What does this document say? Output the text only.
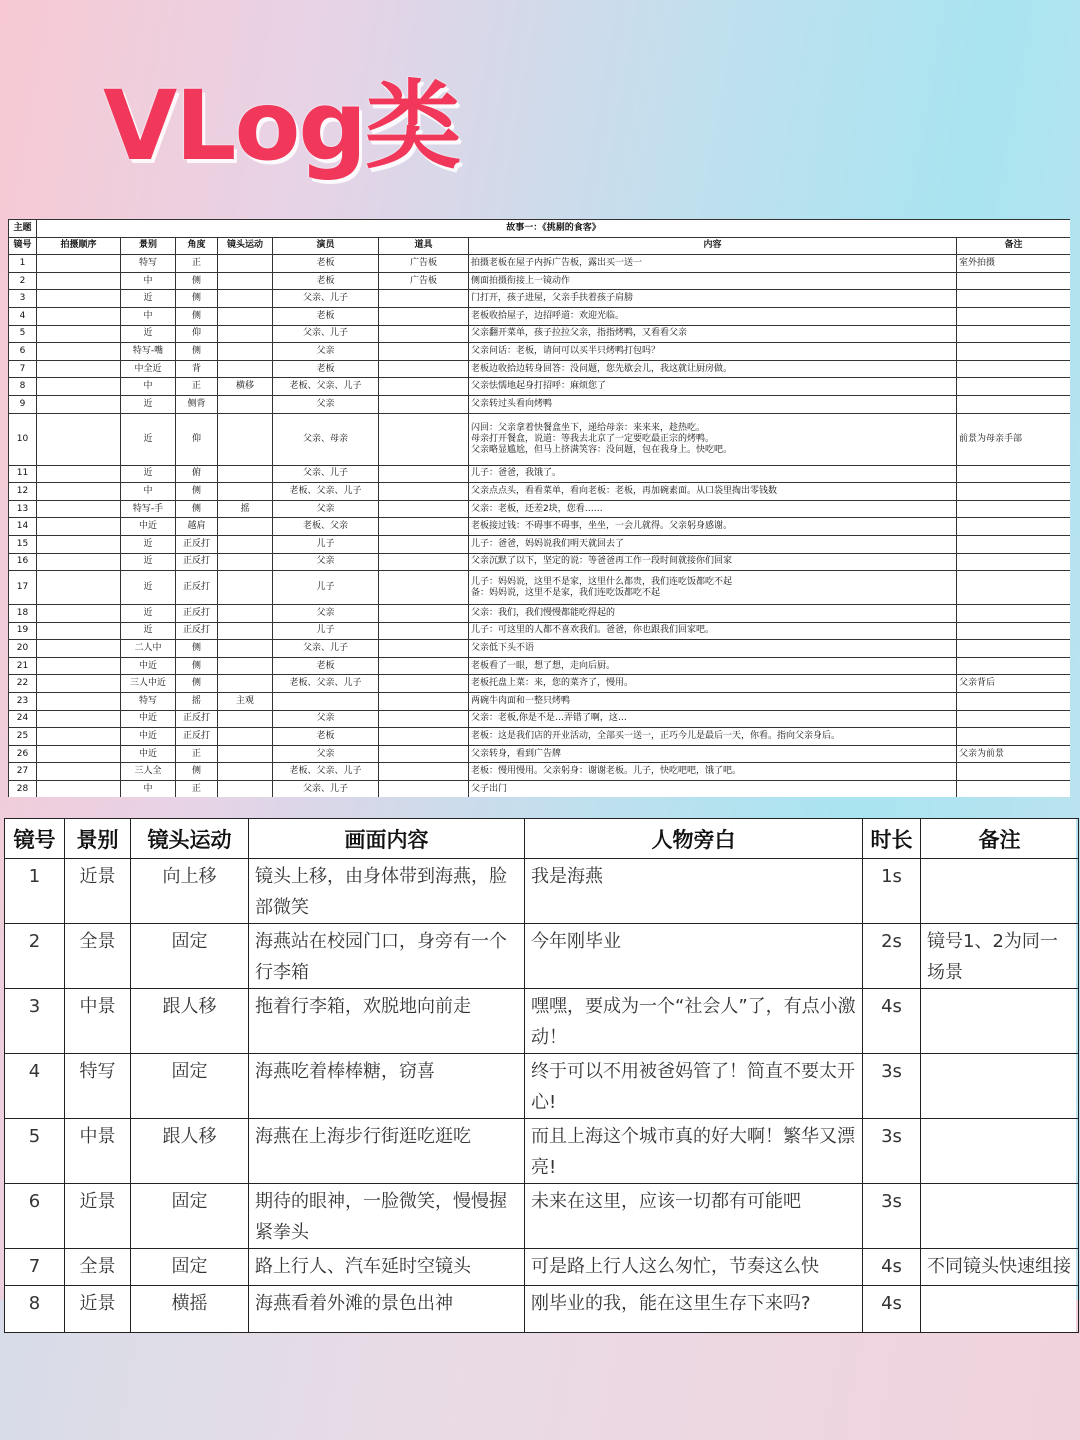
VLog类
主题	故事一：《挑剔的食客》							
镜号	拍摄顺序	景别	角度	镜头运动	演员	道具	内容	备注
1		特写	正		老板	广告板	拍摄老板在屋子内拆广告板，露出买一送一	室外拍摄
2		中	侧		老板	广告板	侧面拍摄衔接上一镜动作	

3		近	侧		父亲、儿子		门打开，孩子进屋，父亲手扶着孩子肩膀	

4		中	侧		老板		老板收拾屋子，边招呼道：欢迎光临。	

5		近	仰		父亲、儿子		父亲翻开菜单，孩子拉拉父亲，指指烤鸭，又看看父亲	

6		特写-嘴	侧		父亲		父亲问话：老板，请问可以买半只烤鸭打包吗？	

7		中全近	背		老板		老板边收拾边转身回答：没问题，您先歇会儿，我这就让厨房做。	

8		中	正	横移	老板、父亲、儿子		父亲怯懦地起身打招呼：麻烦您了	

9		近	侧背		父亲		父亲转过头看向烤鸭	

10		近	仰		父亲、母亲		闪回：父亲拿着快餐盒坐下，递给母亲：来来来，趁热吃。
母亲打开餐盒，说道：等我去北京了一定要吃最正宗的烤鸭。
父亲略显尴尬，但马上挤满笑容：没问题，包在我身上。快吃吧。	前景为母亲手部
11		近	俯		父亲、儿子		儿子：爸爸，我饿了。	

12		中	侧		老板、父亲、儿子		父亲点点头，看看菜单，看向老板：老板，再加碗素面。从口袋里掏出零钱数	

13		特写-手	侧	摇	父亲		父亲：老板，还差2块，您看……	

14		中近	越肩		老板、父亲		老板接过钱：不碍事不碍事，坐坐，一会儿就得。父亲躬身感谢。	

15		近	正反打		儿子		儿子：爸爸，妈妈说我们明天就回去了	

16		近	正反打		父亲		父亲沉默了以下，坚定的说：等爸爸再工作一段时间就接你们回家	

17		近	正反打		儿子		儿子：妈妈说，这里不是家，这里什么都贵，我们连吃饭都吃不起
备：妈妈说，这里不是家，我们连吃饭都吃不起	

18		近	正反打		父亲		父亲：我们，我们慢慢都能吃得起的	

19		近	正反打		儿子		儿子：可这里的人都不喜欢我们。爸爸，你也跟我们回家吧。	

20		二人中	侧		父亲、儿子		父亲低下头不语	

21		中近	侧		老板		老板看了一眼，想了想，走向后厨。	

22		三人中近	侧		老板、父亲、儿子		老板托盘上菜：来，您的菜齐了，慢用。	父亲背后
23		特写	摇	主观			两碗牛肉面和一整只烤鸭	

24		中近	正反打		父亲		父亲：老板,你是不是…弄错了啊，这…	

25		中近	正反打		老板		老板：这是我们店的开业活动，全部买一送一，正巧今儿是最后一天，你看。指向父亲身后。	

26		中近	正		父亲		父亲转身，看到广告牌	父亲为前景
27		三人全	侧		老板、父亲、儿子		老板：慢用慢用。父亲躬身：谢谢老板。儿子，快吃吧吧，饿了吧。	

28		中	正		父亲、儿子		父子出门	

镜号	景别	镜头运动	画面内容	人物旁白	时长	备注
1	近景	向上移	镜头上移，由身体带到海燕，脸部微笑	我是海燕	1s	
2	全景	固定	海燕站在校园门口，身旁有一个行李箱	今年刚毕业	2s	镜号1、2为同一场景
3	中景	跟人移	拖着行李箱，欢脱地向前走	嘿嘿，要成为一个“社会人”了，有点小激动！	4s	
4	特写	固定	海燕吃着棒棒糖，窃喜	终于可以不用被爸妈管了！简直不要太开心!	3s	
5	中景	跟人移	海燕在上海步行街逛吃逛吃	而且上海这个城市真的好大啊！繁华又漂亮!	3s	
6	近景	固定	期待的眼神，一脸微笑，慢慢握紧拳头	未来在这里，应该一切都有可能吧	3s	
7	全景	固定	路上行人、汽车延时空镜头	可是路上行人这么匆忙，节奏这么快	4s	不同镜头快速组接
8	近景	横摇	海燕看着外滩的景色出神	刚毕业的我，能在这里生存下来吗?	4s	
